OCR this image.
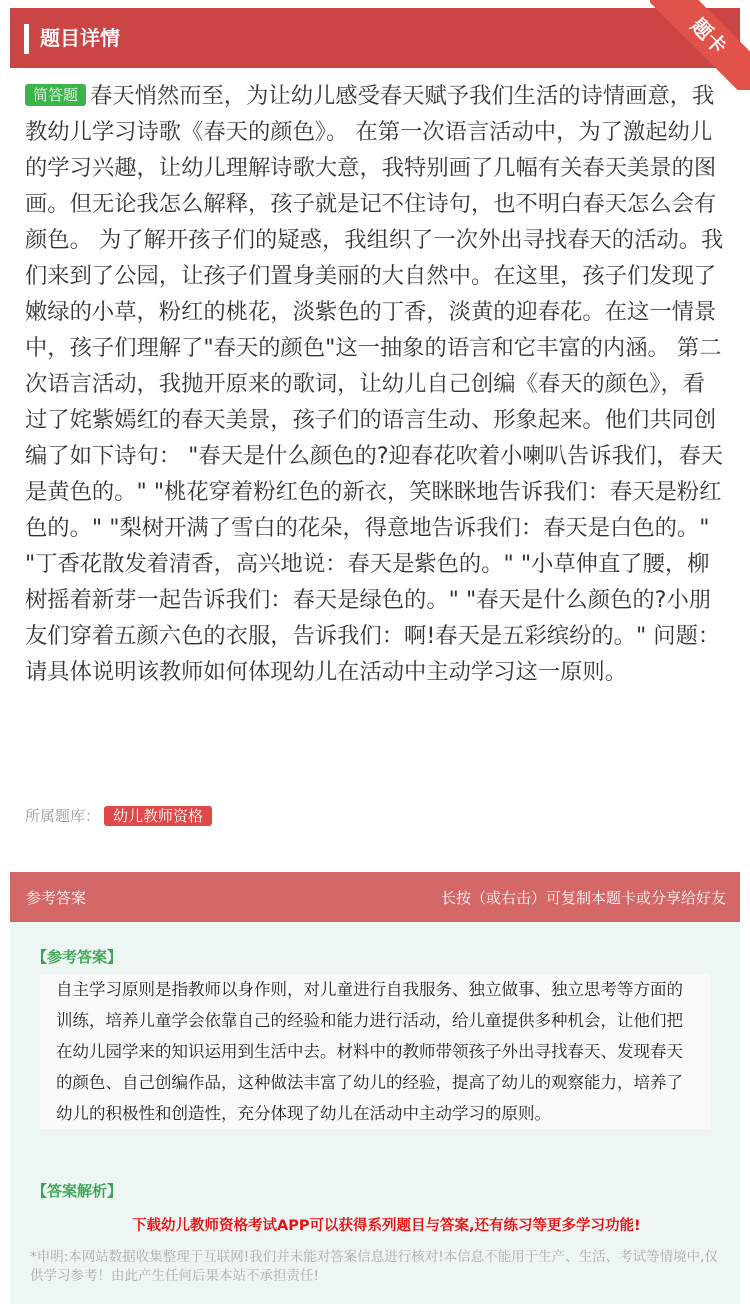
题目详情	题卡
简答题 春天悄然而至，为让幼儿感受春天赋予我们生活的诗情画意，我教幼儿学习诗歌《春天的颜色》。 在第一次语言活动中，为了激起幼儿的学习兴趣，让幼儿理解诗歌大意，我特别画了几幅有关春天美景的图画。但无论我怎么解释，孩子就是记不住诗句，也不明白春天怎么会有颜色。 为了解开孩子们的疑惑，我组织了一次外出寻找春天的活动。我们来到了公园，让孩子们置身美丽的大自然中。在这里，孩子们发现了嫩绿的小草，粉红的桃花，淡紫色的丁香，淡黄的迎春花。在这一情景中，孩子们理解了"春天的颜色"这一抽象的语言和它丰富的内涵。 第二次语言活动，我抛开原来的歌词，让幼儿自己创编《春天的颜色》，看过了姹紫嫣红的春天美景，孩子们的语言生动、形象起来。他们共同创编了如下诗句： "春天是什么颜色的?迎春花吹着小喇叭告诉我们，春天是黄色的。" "桃花穿着粉红色的新衣，笑眯眯地告诉我们：春天是粉红色的。" "梨树开满了雪白的花朵，得意地告诉我们：春天是白色的。" "丁香花散发着清香，高兴地说：春天是紫色的。" "小草伸直了腰，柳树摇着新芽一起告诉我们：春天是绿色的。" "春天是什么颜色的?小朋友们穿着五颜六色的衣服，告诉我们：啊!春天是五彩缤纷的。" 问题： 请具体说明该教师如何体现幼儿在活动中主动学习这一原则。
所属题库： 幼儿教师资格
参考答案	长按（或右击）可复制本题卡或分享给好友
【参考答案】
自主学习原则是指教师以身作则，对儿童进行自我服务、独立做事、独立思考等方面的训练，培养儿童学会依靠自己的经验和能力进行活动，给儿童提供多种机会，让他们把在幼儿园学来的知识运用到生活中去。材料中的教师带领孩子外出寻找春天、发现春天的颜色、自己创编作品，这种做法丰富了幼儿的经验，提高了幼儿的观察能力，培养了幼儿的积极性和创造性，充分体现了幼儿在活动中主动学习的原则。
【答案解析】
下载幼儿教师资格考试APP可以获得系列题目与答案,还有练习等更多学习功能!
*申明:本网站数据收集整理于互联网!我们并未能对答案信息进行核对!本信息不能用于生产、生活、考试等情境中,仅供学习参考！由此产生任何后果本站不承担责任!
